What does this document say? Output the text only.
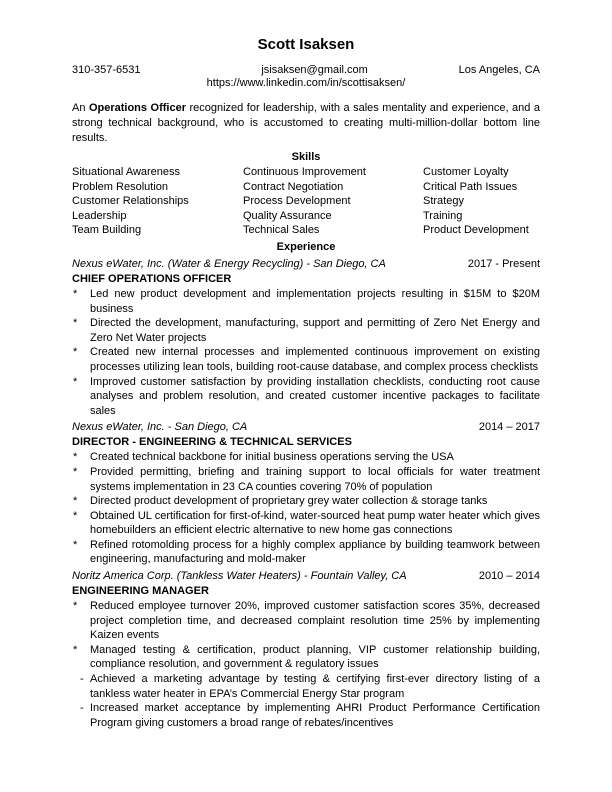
Scott Isaksen
310-357-6531	jsisaksen@gmail.com	Los Angeles, CA
https://www.linkedin.com/in/scottisaksen/

An Operations Officer recognized for leadership, with a sales mentality and experience, and a strong technical background, who is accustomed to creating multi-million-dollar bottom line results.

Skills
Situational Awareness	Continuous Improvement	Customer Loyalty
Problem Resolution	Contract Negotiation	Critical Path Issues
Customer Relationships	Process Development	Strategy
Leadership	Quality Assurance	Training
Team Building	Technical Sales	Product Development
Experience
Nexus eWater, Inc. (Water & Energy Recycling) - San Diego, CA	2017 - Present
CHIEF OPERATIONS OFFICER
* Led new product development and implementation projects resulting in $15M to $20M business
* Directed the development, manufacturing, support and permitting of Zero Net Energy and Zero Net Water projects
* Created new internal processes and implemented continuous improvement on existing processes utilizing lean tools, building root-cause database, and complex process checklists
* Improved customer satisfaction by providing installation checklists, conducting root cause analyses and problem resolution, and created customer incentive packages to facilitate sales
Nexus eWater, Inc. - San Diego, CA	2014 – 2017
DIRECTOR - ENGINEERING & TECHNICAL SERVICES
* Created technical backbone for initial business operations serving the USA
* Provided permitting, briefing and training support to local officials for water treatment systems implementation in 23 CA counties covering 70% of population
* Directed product development of proprietary grey water collection & storage tanks
* Obtained UL certification for first-of-kind, water-sourced heat pump water heater which gives homebuilders an efficient electric alternative to new home gas connections
* Refined rotomolding process for a highly complex appliance by building teamwork between engineering, manufacturing and mold-maker
Noritz America Corp. (Tankless Water Heaters) - Fountain Valley, CA	2010 – 2014
ENGINEERING MANAGER
* Reduced employee turnover 20%, improved customer satisfaction scores 35%, decreased project completion time, and decreased complaint resolution time 25% by implementing Kaizen events
* Managed testing & certification, product planning, VIP customer relationship building, compliance resolution, and government & regulatory issues
- Achieved a marketing advantage by testing & certifying first-ever directory listing of a tankless water heater in EPA’s Commercial Energy Star program
- Increased market acceptance by implementing AHRI Product Performance Certification Program giving customers a broad range of rebates/incentives
